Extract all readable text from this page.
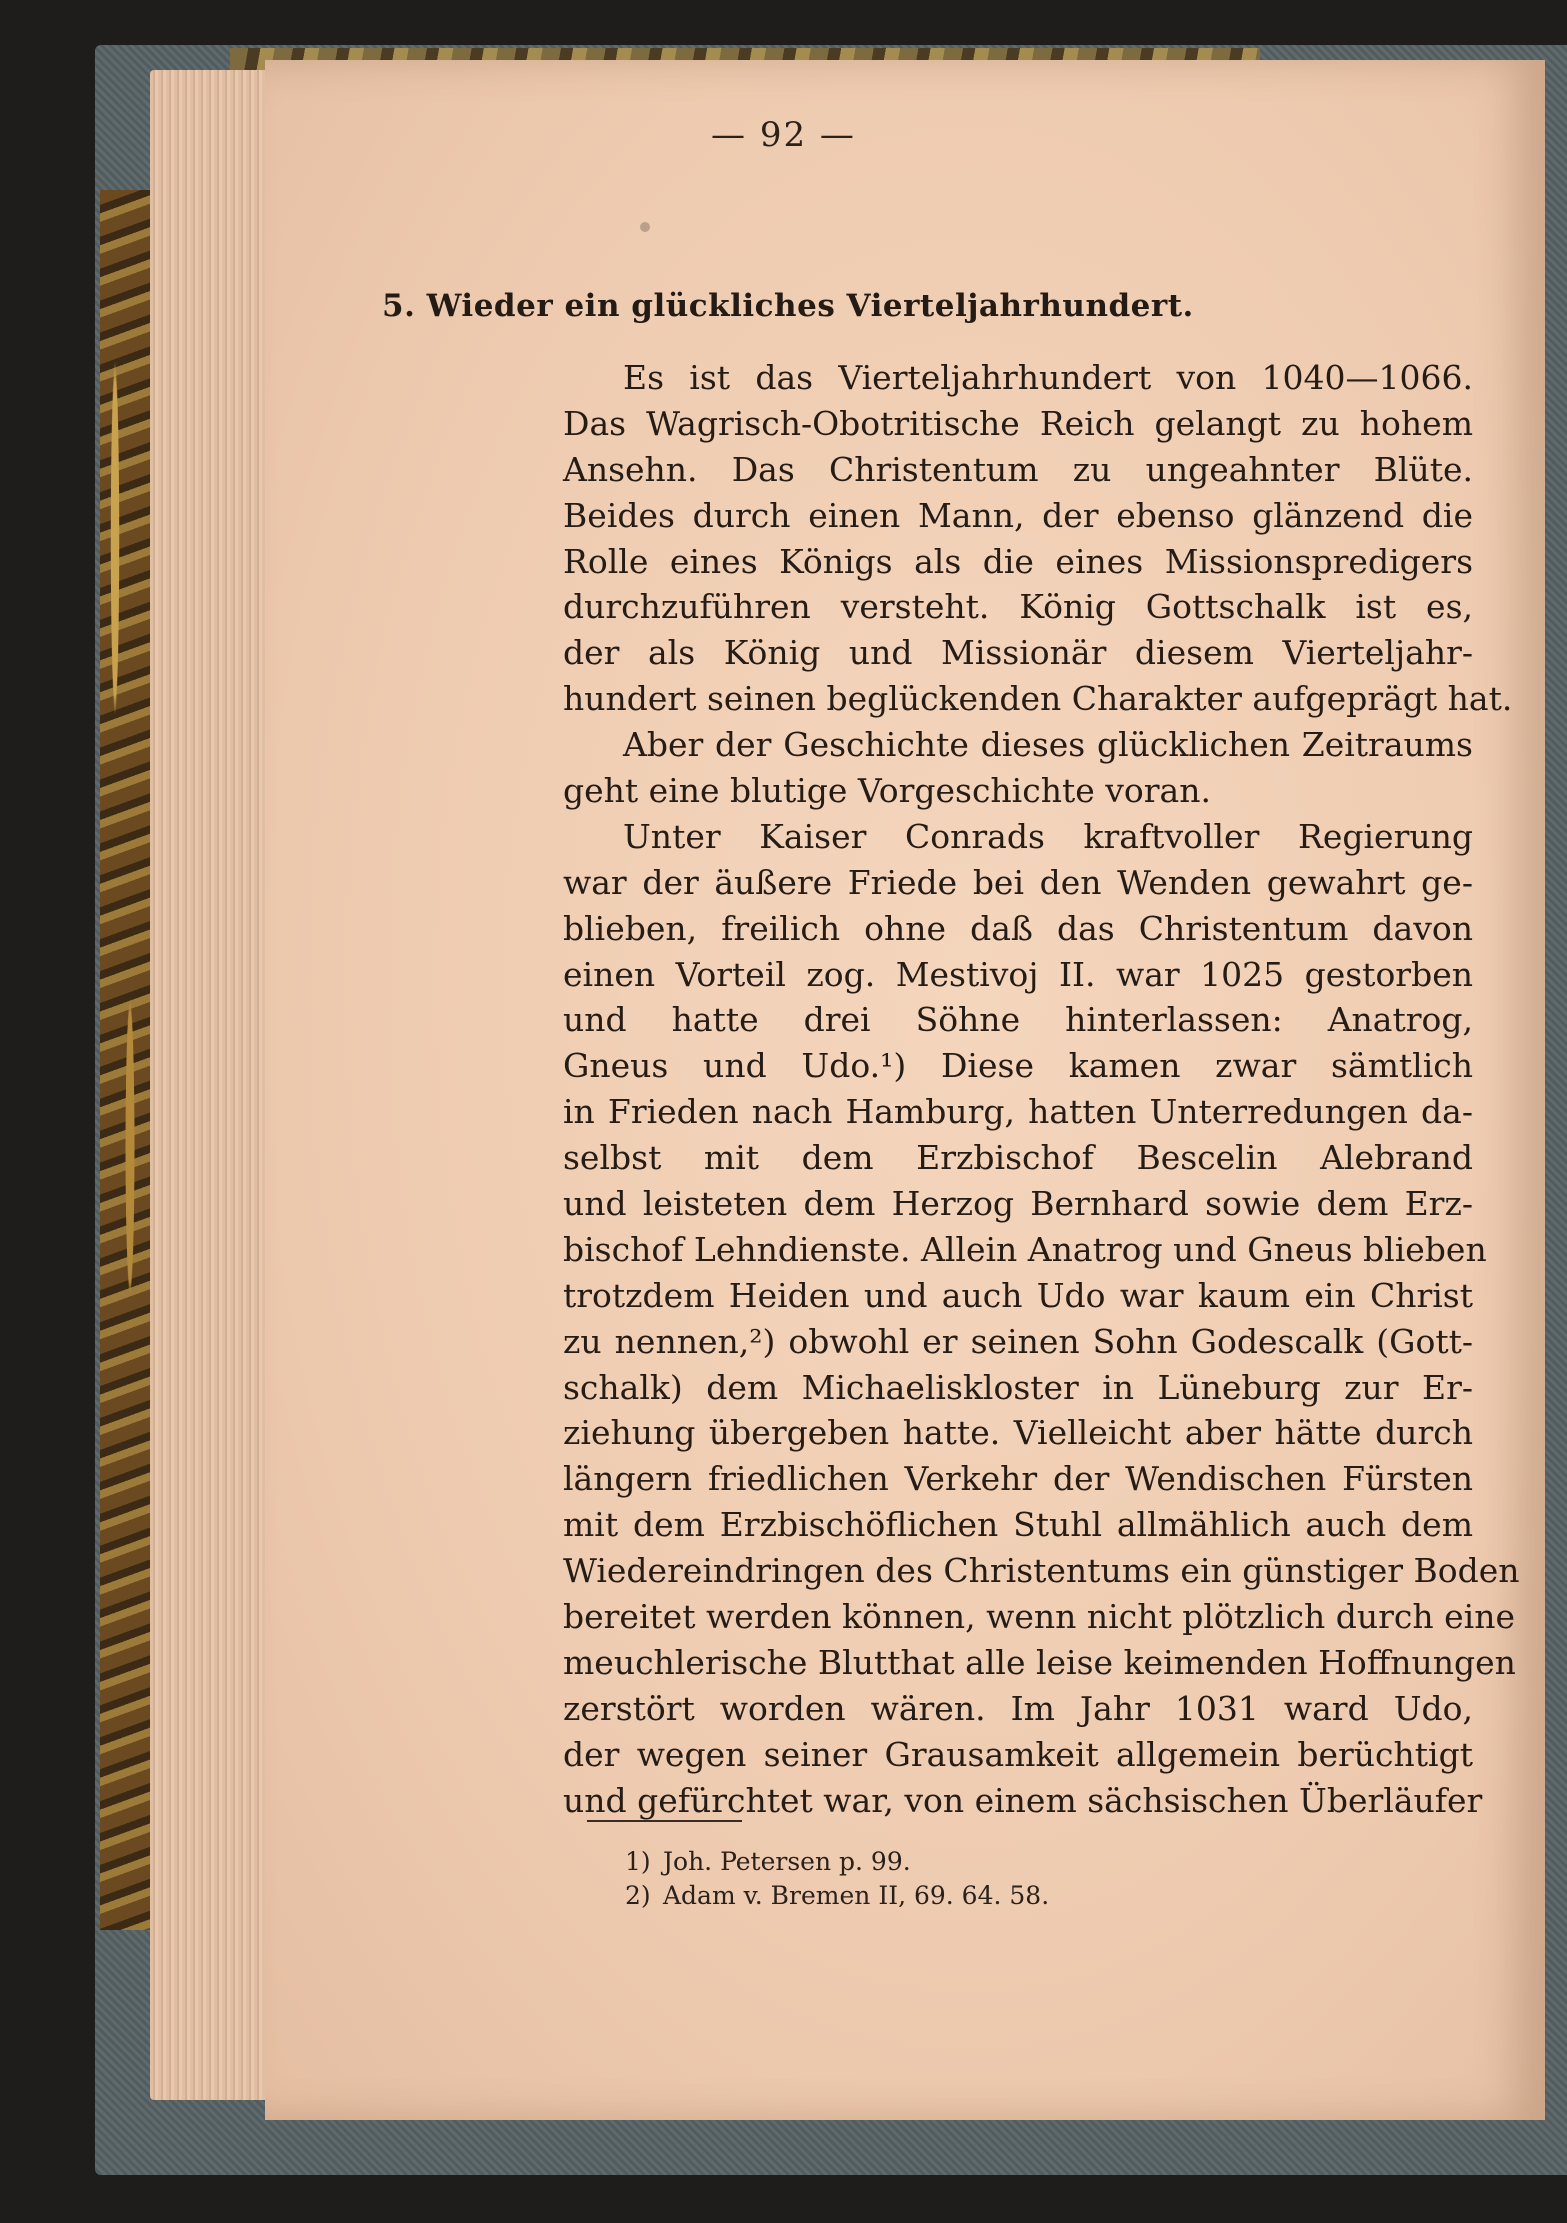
— 92 —
5. Wieder ein glückliches Vierteljahrhundert.
Es ist das Vierteljahrhundert von 1040—1066.
Das Wagrisch-Obotritische Reich gelangt zu hohem
Ansehn. Das Christentum zu ungeahnter Blüte.
Beides durch einen Mann, der ebenso glänzend die
Rolle eines Königs als die eines Missionspredigers
durchzuführen versteht. König Gottschalk ist es,
der als König und Missionär diesem Vierteljahr-
hundert seinen beglückenden Charakter aufgeprägt hat.
Aber der Geschichte dieses glücklichen Zeitraums
geht eine blutige Vorgeschichte voran.
Unter Kaiser Conrads kraftvoller Regierung
war der äußere Friede bei den Wenden gewahrt ge-
blieben, freilich ohne daß das Christentum davon
einen Vorteil zog. Mestivoj II. war 1025 gestorben
und hatte drei Söhne hinterlassen: Anatrog,
Gneus und Udo.¹) Diese kamen zwar sämtlich
in Frieden nach Hamburg, hatten Unterredungen da-
selbst mit dem Erzbischof Bescelin Alebrand
und leisteten dem Herzog Bernhard sowie dem Erz-
bischof Lehndienste. Allein Anatrog und Gneus blieben
trotzdem Heiden und auch Udo war kaum ein Christ
zu nennen,²) obwohl er seinen Sohn Godescalk (Gott-
schalk) dem Michaeliskloster in Lüneburg zur Er-
ziehung übergeben hatte. Vielleicht aber hätte durch
längern friedlichen Verkehr der Wendischen Fürsten
mit dem Erzbischöflichen Stuhl allmählich auch dem
Wiedereindringen des Christentums ein günstiger Boden
bereitet werden können, wenn nicht plötzlich durch eine
meuchlerische Blutthat alle leise keimenden Hoffnungen
zerstört worden wären. Im Jahr 1031 ward Udo,
der wegen seiner Grausamkeit allgemein berüchtigt
und gefürchtet war, von einem sächsischen Überläufer
1) Joh. Petersen p. 99.
2) Adam v. Bremen II, 69. 64. 58.
